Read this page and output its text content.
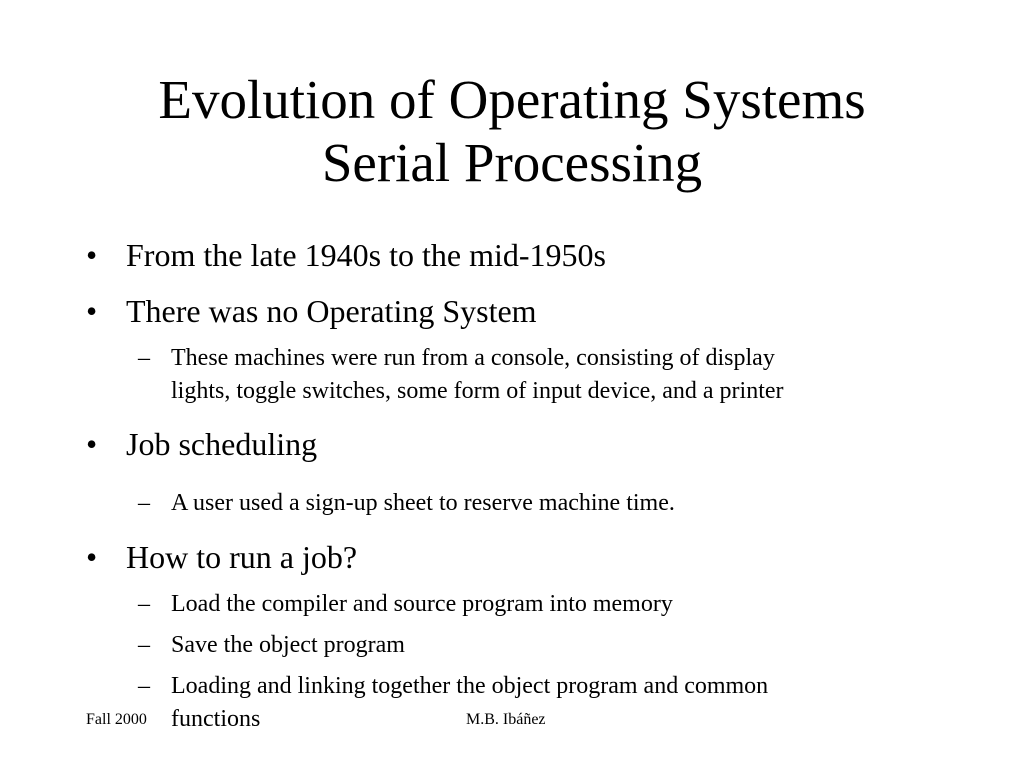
Evolution of Operating Systems
Serial Processing
• From the late 1940s to the mid-1950s
• There was no Operating System
– These machines were run from a console, consisting of display
lights, toggle switches, some form of input device, and a printer
• Job scheduling
– A user used a sign-up sheet to reserve machine time.
• How to run a job?
– Load the compiler and source program into memory
– Save the object program
– Loading and linking together the object program and common
functions
Fall 2000	M.B. Ibáñez
